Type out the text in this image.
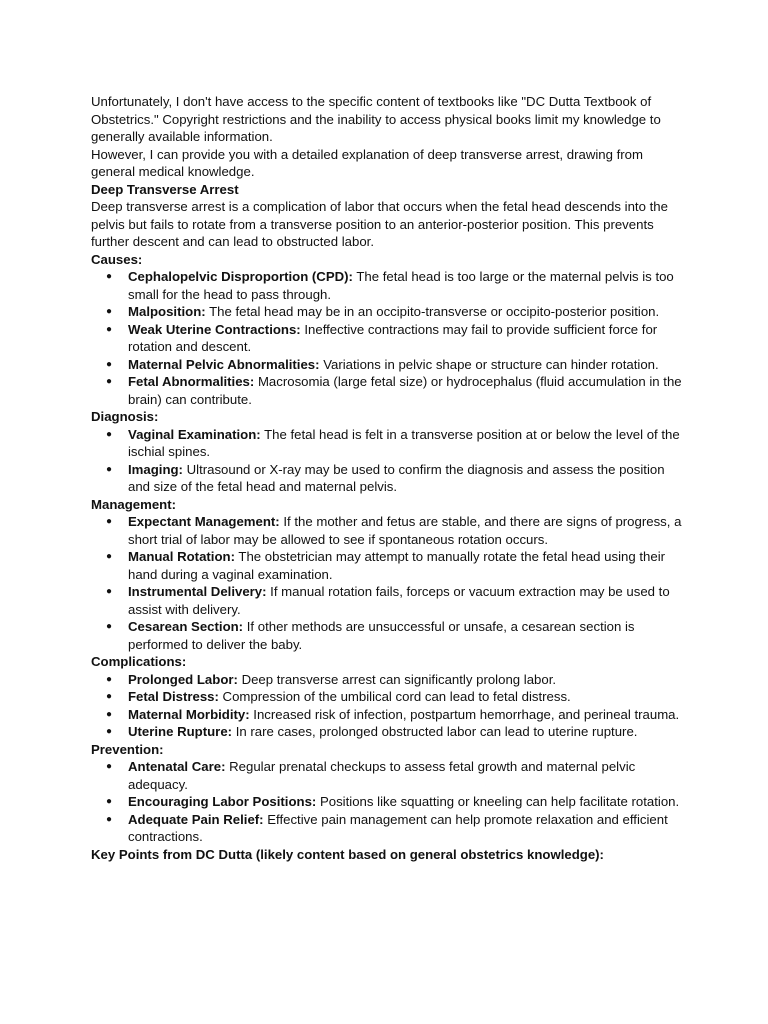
Unfortunately, I don't have access to the specific content of textbooks like "DC Dutta Textbook of Obstetrics." Copyright restrictions and the inability to access physical books limit my knowledge to generally available information.

However, I can provide you with a detailed explanation of deep transverse arrest, drawing from general medical knowledge.

Deep Transverse Arrest

Deep transverse arrest is a complication of labor that occurs when the fetal head descends into the pelvis but fails to rotate from a transverse position to an anterior-posterior position. This prevents further descent and can lead to obstructed labor.

Causes:

● Cephalopelvic Disproportion (CPD): The fetal head is too large or the maternal pelvis is too small for the head to pass through.
● Malposition: The fetal head may be in an occipito-transverse or occipito-posterior position.
● Weak Uterine Contractions: Ineffective contractions may fail to provide sufficient force for rotation and descent.
● Maternal Pelvic Abnormalities: Variations in pelvic shape or structure can hinder rotation.
● Fetal Abnormalities: Macrosomia (large fetal size) or hydrocephalus (fluid accumulation in the brain) can contribute.

Diagnosis:

● Vaginal Examination: The fetal head is felt in a transverse position at or below the level of the ischial spines.
● Imaging: Ultrasound or X-ray may be used to confirm the diagnosis and assess the position and size of the fetal head and maternal pelvis.

Management:

● Expectant Management: If the mother and fetus are stable, and there are signs of progress, a short trial of labor may be allowed to see if spontaneous rotation occurs.
● Manual Rotation: The obstetrician may attempt to manually rotate the fetal head using their hand during a vaginal examination.
● Instrumental Delivery: If manual rotation fails, forceps or vacuum extraction may be used to assist with delivery.
● Cesarean Section: If other methods are unsuccessful or unsafe, a cesarean section is performed to deliver the baby.

Complications:

● Prolonged Labor: Deep transverse arrest can significantly prolong labor.
● Fetal Distress: Compression of the umbilical cord can lead to fetal distress.
● Maternal Morbidity: Increased risk of infection, postpartum hemorrhage, and perineal trauma.
● Uterine Rupture: In rare cases, prolonged obstructed labor can lead to uterine rupture.

Prevention:

● Antenatal Care: Regular prenatal checkups to assess fetal growth and maternal pelvic adequacy.
● Encouraging Labor Positions: Positions like squatting or kneeling can help facilitate rotation.
● Adequate Pain Relief: Effective pain management can help promote relaxation and efficient contractions.

Key Points from DC Dutta (likely content based on general obstetrics knowledge):
